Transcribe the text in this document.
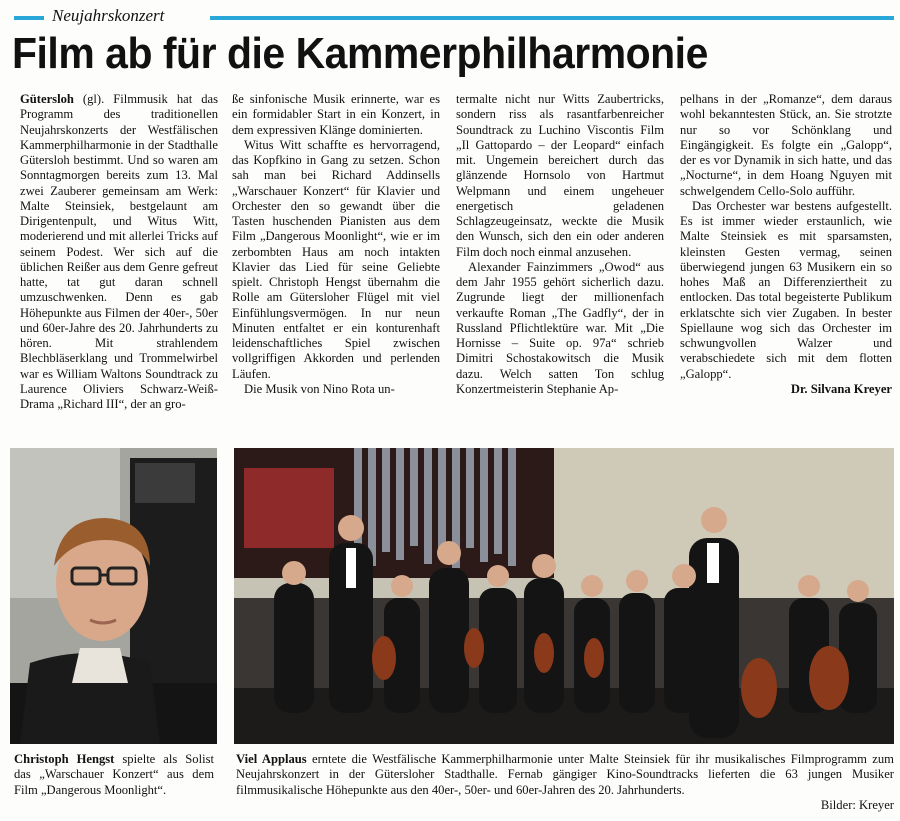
Neujahrskonzert
Film ab für die Kammerphilharmonie

Gütersloh (gl). Filmmusik hat das Programm des traditionellen Neujahrskonzerts der Westfälischen Kammerphilharmonie in der Stadthalle Gütersloh bestimmt. Und so waren am Sonntagmorgen bereits zum 13. Mal zwei Zauberer gemeinsam am Werk: Malte Steinsiek, bestgelaunt am Dirigentenpult, und Witus Witt, moderierend und mit allerlei Tricks auf seinem Podest. Wer sich auf die üblichen Reißer aus dem Genre gefreut hatte, tat gut daran schnell umzuschwenken. Denn es gab Höhepunkte aus Filmen der 40er-, 50er und 60er-Jahre des 20. Jahrhunderts zu hören. Mit strahlendem Blechbläserklang und Trommelwirbel war es William Waltons Soundtrack zu Laurence Oliviers Schwarz-Weiß-Drama „Richard III“, der an gro-

ße sinfonische Musik erinnerte, war es ein formidabler Start in ein Konzert, in dem expressiven Klänge dominierten.

Witus Witt schaffte es hervorragend, das Kopfkino in Gang zu setzen. Schon sah man bei Richard Addinsells „Warschauer Konzert“ für Klavier und Orchester den so gewandt über die Tasten huschenden Pianisten aus dem Film „Dangerous Moonlight“, wie er im zerbombten Haus am noch intakten Klavier das Lied für seine Geliebte spielt. Christoph Hengst übernahm die Rolle am Gütersloher Flügel mit viel Einfühlungsvermögen. In nur neun Minuten entfaltet er ein konturenhaft leidenschaftliches Spiel zwischen vollgriffigen Akkorden und perlenden Läufen.

Die Musik von Nino Rota un-

termalte nicht nur Witts Zaubertricks, sondern riss als rasantfarbenreicher Soundtrack zu Luchino Viscontis Film „Il Gattopardo – der Leopard“ einfach mit. Ungemein bereichert durch das glänzende Hornsolo von Hartmut Welpmann und einem ungeheuer energetisch geladenen Schlagzeugeinsatz, weckte die Musik den Wunsch, sich den ein oder anderen Film doch noch einmal anzusehen.

Alexander Fainzimmers „Owod“ aus dem Jahr 1955 gehört sicherlich dazu. Zugrunde liegt der millionenfach verkaufte Roman „The Gadfly“, der in Russland Pflichtlektüre war. Mit „Die Hornisse – Suite op. 97a“ schrieb Dimitri Schostakowitsch die Musik dazu. Welch satten Ton schlug Konzertmeisterin Stephanie Ap-

pelhans in der „Romanze“, dem daraus wohl bekanntesten Stück, an. Sie strotzte nur so vor Schönklang und Eingängigkeit. Es folgte ein „Galopp“, der es vor Dynamik in sich hatte, und das „Nocturne“, in dem Hoang Nguyen mit schwelgendem Cello-Solo aufführ.

Das Orchester war bestens aufgestellt. Es ist immer wieder erstaunlich, wie Malte Steinsiek es mit sparsamsten, kleinsten Gesten vermag, seinen überwiegend jungen 63 Musikern ein so hohes Maß an Differenziertheit zu entlocken. Das total begeisterte Publikum erklatschte sich vier Zugaben. In bester Spiellaune wog sich das Orchester im schwungvollen Walzer und verabschiedete sich mit dem flotten „Galopp“.

Dr. Silvana Kreyer

Christoph Hengst spielte als Solist das „Warschauer Konzert“ aus dem Film „Dangerous Moonlight“.
Viel Applaus erntete die Westfälische Kammerphilharmonie unter Malte Steinsiek für ihr musikalisches Filmprogramm zum Neujahrskonzert in der Gütersloher Stadthalle. Fernab gängiger Kino-Soundtracks lieferten die 63 jungen Musiker filmmusikalische Höhepunkte aus den 40er-, 50er- und 60er-Jahren des 20. Jahrhunderts.
Bilder: Kreyer
